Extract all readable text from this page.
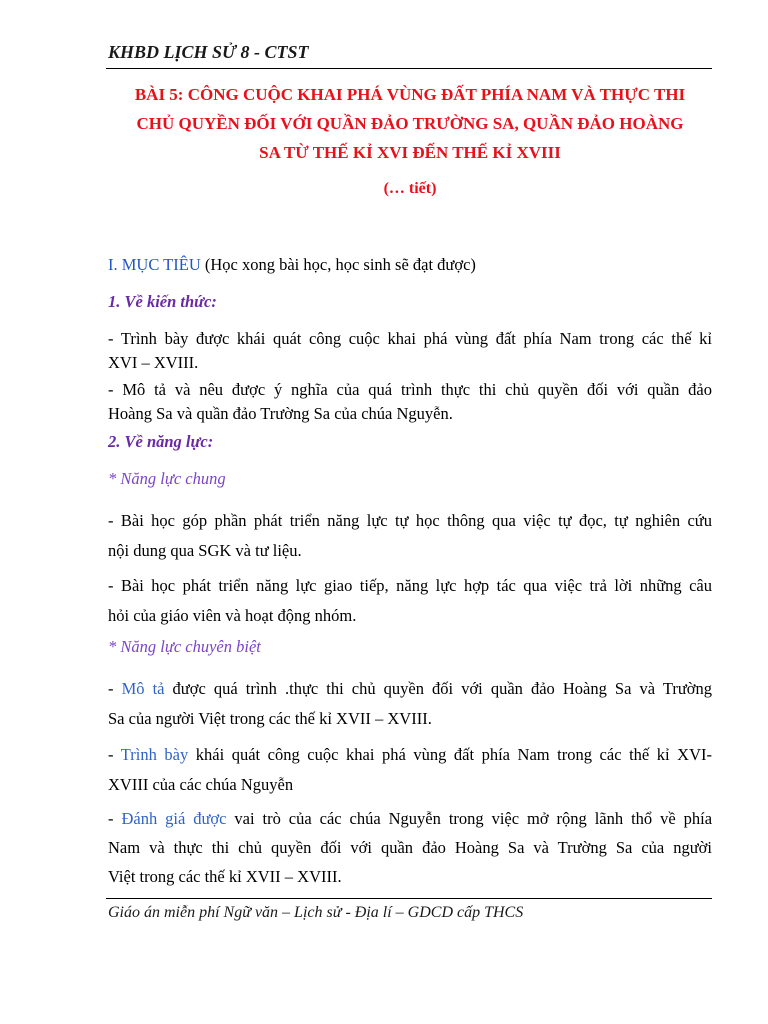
KHBD LỊCH SỬ 8 - CTST
BÀI 5: CÔNG CUỘC KHAI PHÁ VÙNG ĐẤT PHÍA NAM VÀ THỰC THI
CHỦ QUYỀN ĐỐI VỚI QUẦN ĐẢO TRƯỜNG SA, QUẦN ĐẢO HOÀNG
SA TỪ THẾ KỈ XVI ĐẾN THẾ KỈ XVIII
(… tiết)
I. MỤC TIÊU (Học xong bài học, học sinh sẽ đạt được)
1. Về kiến thức:
- Trình bày được khái quát công cuộc khai phá vùng đất phía Nam trong các thế kỉ
XVI – XVIII.
- Mô tả và nêu được ý nghĩa của quá trình thực thi chủ quyền đối với quần đảo
Hoàng Sa và quần đảo Trường Sa của chúa Nguyễn.
2. Về năng lực:
* Năng lực chung
- Bài học góp phần phát triển năng lực tự học thông qua việc tự đọc, tự nghiên cứu
nội dung qua SGK và tư liệu.
- Bài học phát triển năng lực giao tiếp, năng lực hợp tác qua việc trả lời những câu
hỏi của giáo viên và hoạt động nhóm.
* Năng lực chuyên biệt
- Mô tả được quá trình .thực thi chủ quyền đối với quần đảo Hoàng Sa và Trường
Sa của người Việt trong các thế kỉ XVII – XVIII.
- Trình bày khái quát công cuộc khai phá vùng đất phía Nam trong các thế kỉ XVI-
XVIII của các chúa Nguyễn
- Đánh giá được vai trò của các chúa Nguyễn trong việc mở rộng lãnh thổ về phía
Nam và thực thi chủ quyền đối với quần đảo Hoàng Sa và Trường Sa của người
Việt trong các thế kỉ XVII – XVIII.
Giáo án miễn phí Ngữ văn – Lịch sử - Địa lí – GDCD cấp THCS
